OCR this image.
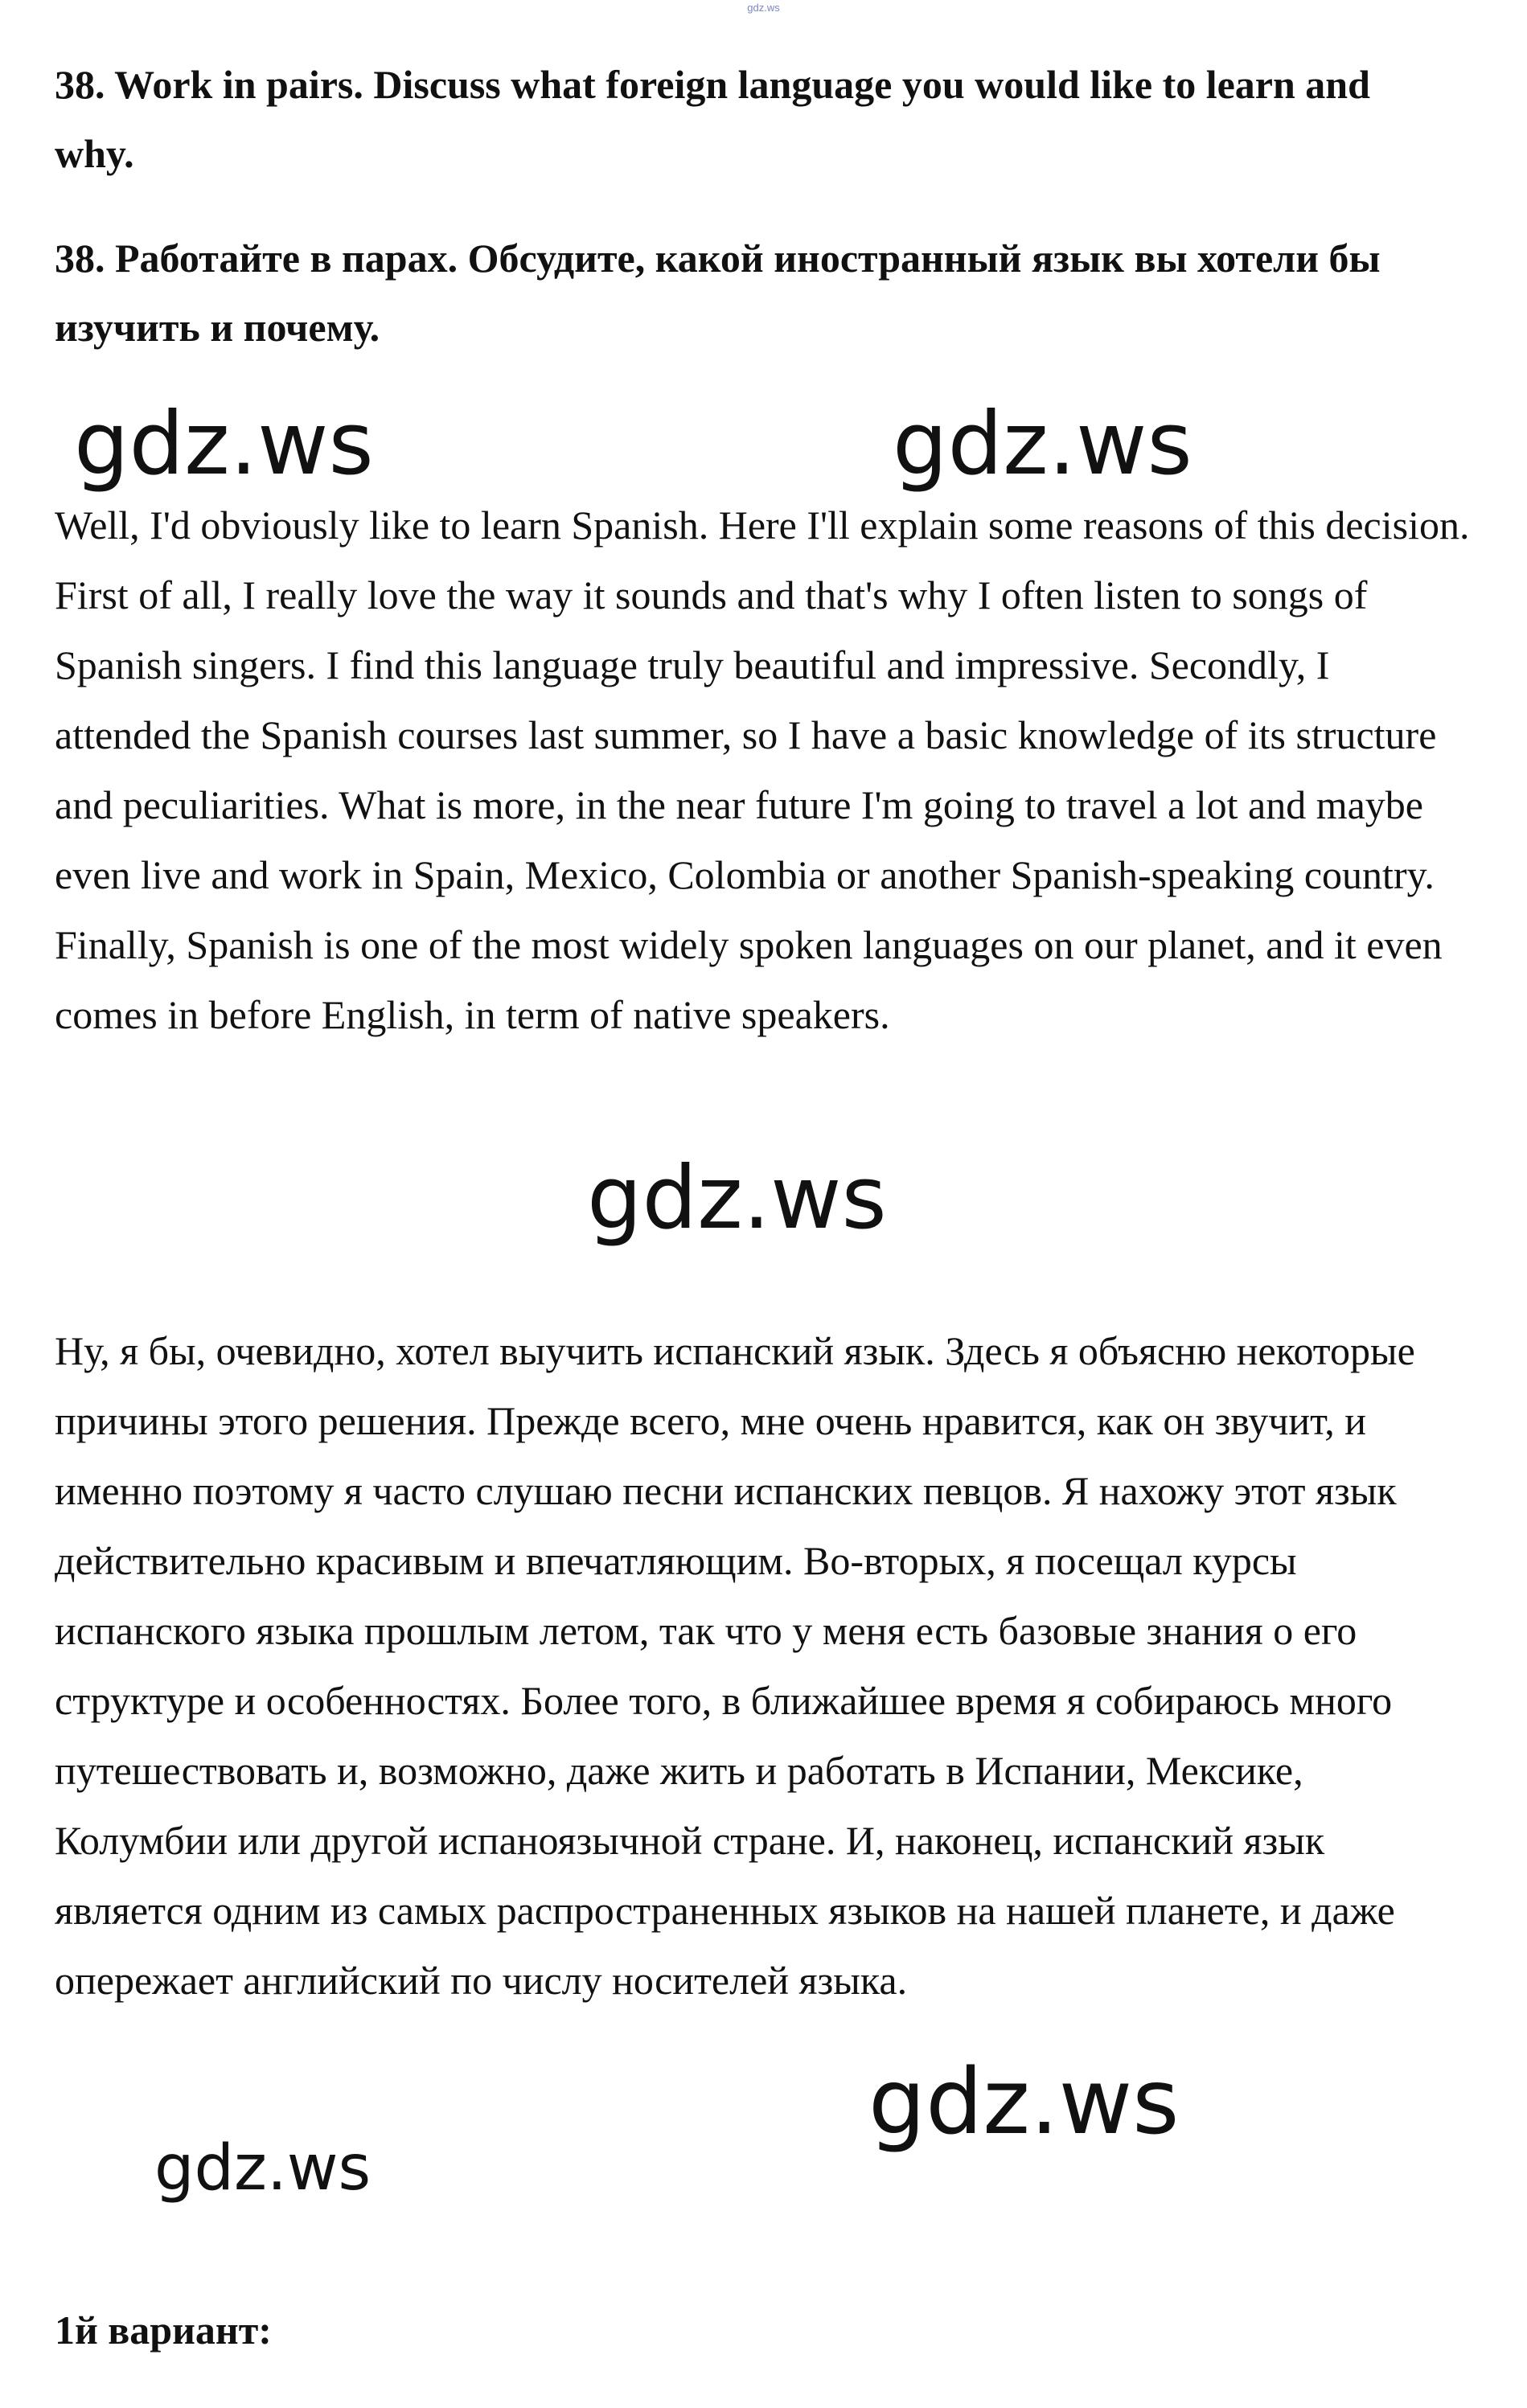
gdz.ws

38. Work in pairs. Discuss what foreign language you would like to learn and why.

38. Работайте в парах. Обсудите, какой иностранный язык вы хотели бы изучить и почему.

gdz.ws	gdz.ws

Well, I'd obviously like to learn Spanish. Here I'll explain some reasons of this decision. First of all, I really love the way it sounds and that's why I often listen to songs of Spanish singers. I find this language truly beautiful and impressive. Secondly, I attended the Spanish courses last summer, so I have a basic knowledge of its structure and peculiarities. What is more, in the near future I'm going to travel a lot and maybe even live and work in Spain, Mexico, Colombia or another Spanish-speaking country. Finally, Spanish is one of the most widely spoken languages on our planet, and it even comes in before English, in term of native speakers.

gdz.ws

Ну, я бы, очевидно, хотел выучить испанский язык. Здесь я объясню некоторые причины этого решения. Прежде всего, мне очень нравится, как он звучит, и именно поэтому я часто слушаю песни испанских певцов. Я нахожу этот язык действительно красивым и впечатляющим. Во-вторых, я посещал курсы испанского языка прошлым летом, так что у меня есть базовые знания о его структуре и особенностях. Более того, в ближайшее время я собираюсь много путешествовать и, возможно, даже жить и работать в Испании, Мексике, Колумбии или другой испаноязычной стране. И, наконец, испанский язык является одним из самых распространенных языков на нашей планете, и даже опережает английский по числу носителей языка.

gdz.ws
gdz.ws

1й вариант:
